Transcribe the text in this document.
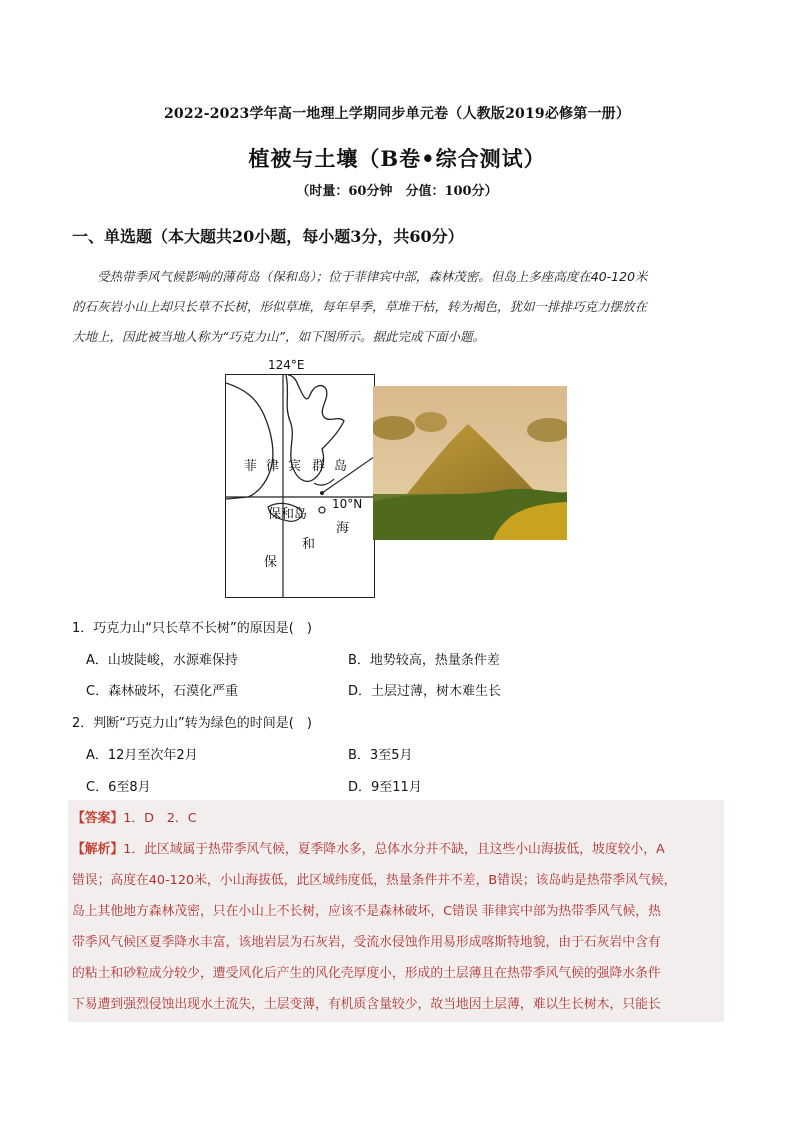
2022-2023学年高一地理上学期同步单元卷（人教版2019必修第一册）
植被与土壤（B卷•综合测试）
（时量：60分钟　分值：100分）
一、单选题（本大题共20小题，每小题3分，共60分）
受热带季风气候影响的薄荷岛（保和岛）；位于菲律宾中部，森林茂密。但岛上多座高度在40-120米
的石灰岩小山上却只长草不长树，形似草堆，每年旱季，草堆干枯，转为褐色，犹如一排排巧克力摆放在
大地上，因此被当地人称为“巧克力山”，如下图所示。据此完成下面小题。
124°E
10°N
菲 律 宾 群 岛
保和岛
海
和
保
1．巧克力山“只长草不长树”的原因是(　)
A．山坡陡峻，水源难保持	B．地势较高，热量条件差
C．森林破坏，石漠化严重	D．土层过薄，树木难生长
2．判断“巧克力山”转为绿色的时间是(　)
A．12月至次年2月	B．3至5月
C．6至8月	D．9至11月
【答案】1．D　2．C
【解析】1．此区域属于热带季风气候，夏季降水多，总体水分并不缺，且这些小山海拔低，坡度较小，A
错误；高度在40-120米，小山海拔低，此区域纬度低，热量条件并不差，B错误；该岛屿是热带季风气候，
岛上其他地方森林茂密，只在小山上不长树，应该不是森林破坏，C错误 菲律宾中部为热带季风气候，热
带季风气候区夏季降水丰富，该地岩层为石灰岩，受流水侵蚀作用易形成喀斯特地貌，由于石灰岩中含有
的粘土和砂粒成分较少，遭受风化后产生的风化壳厚度小，形成的土层薄且在热带季风气候的强降水条件
下易遭到强烈侵蚀出现水土流失，土层变薄，有机质含量较少，故当地因土层薄，难以生长树木，只能长
